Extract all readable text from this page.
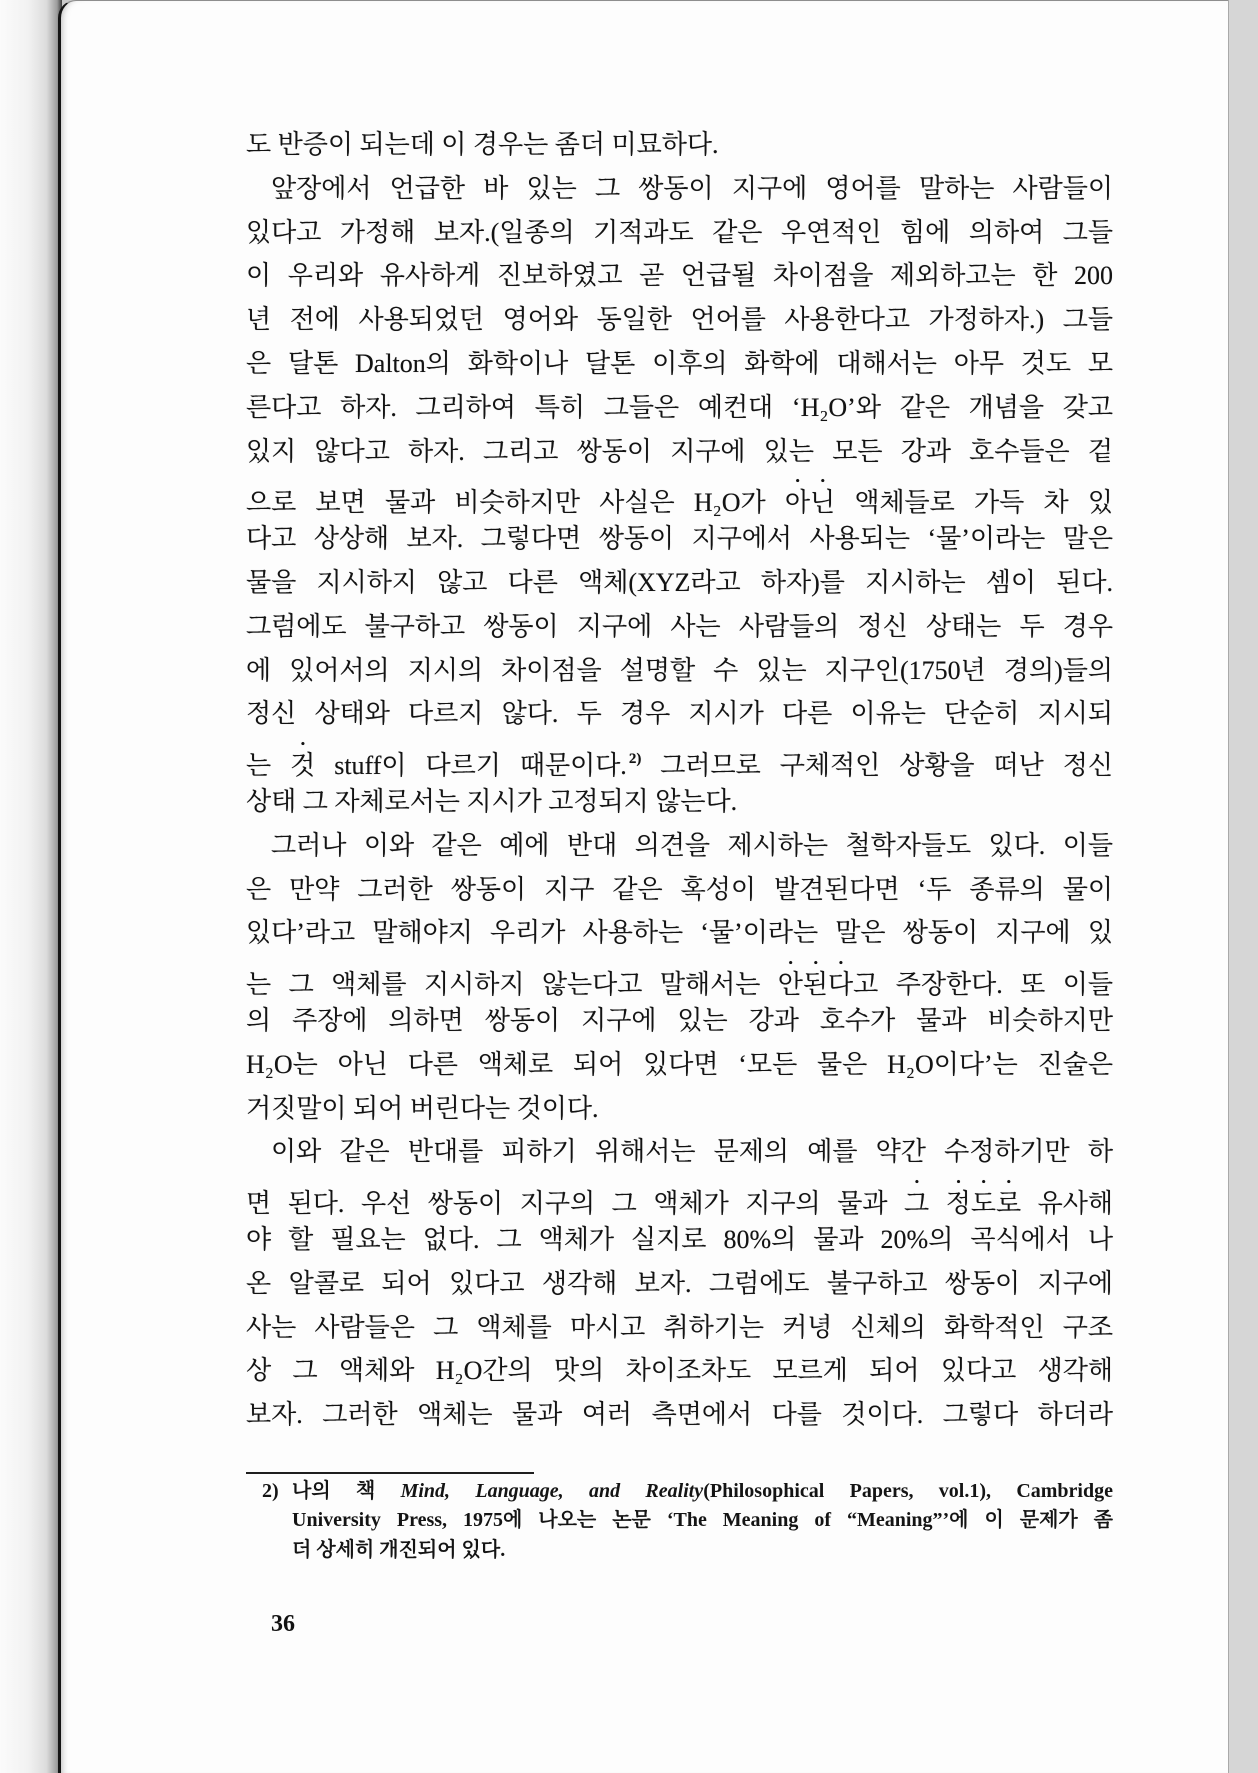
도 반증이 되는데 이 경우는 좀더 미묘하다.
앞장에서 언급한 바 있는 그 쌍동이 지구에 영어를 말하는 사람들이
있다고 가정해 보자.(일종의 기적과도 같은 우연적인 힘에 의하여 그들
이 우리와 유사하게 진보하였고 곧 언급될 차이점을 제외하고는 한 200
년 전에 사용되었던 영어와 동일한 언어를 사용한다고 가정하자.) 그들
은 달톤 Dalton의 화학이나 달톤 이후의 화학에 대해서는 아무 것도 모
른다고 하자. 그리하여 특히 그들은 예컨대 ‘H₂O’와 같은 개념을 갖고
있지 않다고 하자. 그리고 쌍동이 지구에 있는 모든 강과 호수들은 겉
으로 보면 물과 비슷하지만 사실은 H₂O가 아닌 액체들로 가득 차 있
다고 상상해 보자. 그렇다면 쌍동이 지구에서 사용되는 ‘물’이라는 말은
물을 지시하지 않고 다른 액체(XYZ라고 하자)를 지시하는 셈이 된다.
그럼에도 불구하고 쌍동이 지구에 사는 사람들의 정신 상태는 두 경우
에 있어서의 지시의 차이점을 설명할 수 있는 지구인(1750년 경의)들의
정신 상태와 다르지 않다. 두 경우 지시가 다른 이유는 단순히 지시되
는 것 stuff이 다르기 때문이다. $^{2)}$ 그러므로 구체적인 상황을 떠난 정신
상태 그 자체로서는 지시가 고정되지 않는다.
그러나 이와 같은 예에 반대 의견을 제시하는 철학자들도 있다. 이들
은 만약 그러한 쌍동이 지구 같은 혹성이 발견된다면 ‘두 종류의 물이
있다’라고 말해야지 우리가 사용하는 ‘물’이라는 말은 쌍동이 지구에 있
는 그 액체를 지시하지 않는다고 말해서는 안된다고 주장한다. 또 이들
의 주장에 의하면 쌍동이 지구에 있는 강과 호수가 물과 비슷하지만
H₂O는 아닌 다른 액체로 되어 있다면 ‘모든 물은 H₂O이다’는 진술은
거짓말이 되어 버린다는 것이다.
이와 같은 반대를 피하기 위해서는 문제의 예를 약간 수정하기만 하
면 된다. 우선 쌍동이 지구의 그 액체가 지구의 물과 그 정도로 유사해
야 할 필요는 없다. 그 액체가 실지로 80%의 물과 20%의 곡식에서 나
온 알콜로 되어 있다고 생각해 보자. 그럼에도 불구하고 쌍동이 지구에
사는 사람들은 그 액체를 마시고 취하기는 커녕 신체의 화학적인 구조
상 그 액체와 H₂O간의 맛의 차이조차도 모르게 되어 있다고 생각해
보자. 그러한 액체는 물과 여러 측면에서 다를 것이다. 그렇다 하더라
2) 나의 책 Mind, Language, and Reality(Philosophical Papers, vol.1), Cambridge
University Press, 1975에 나오는 논문 ‘The Meaning of “Meaning”’에 이 문제가 좀
더 상세히 개진되어 있다.
36
